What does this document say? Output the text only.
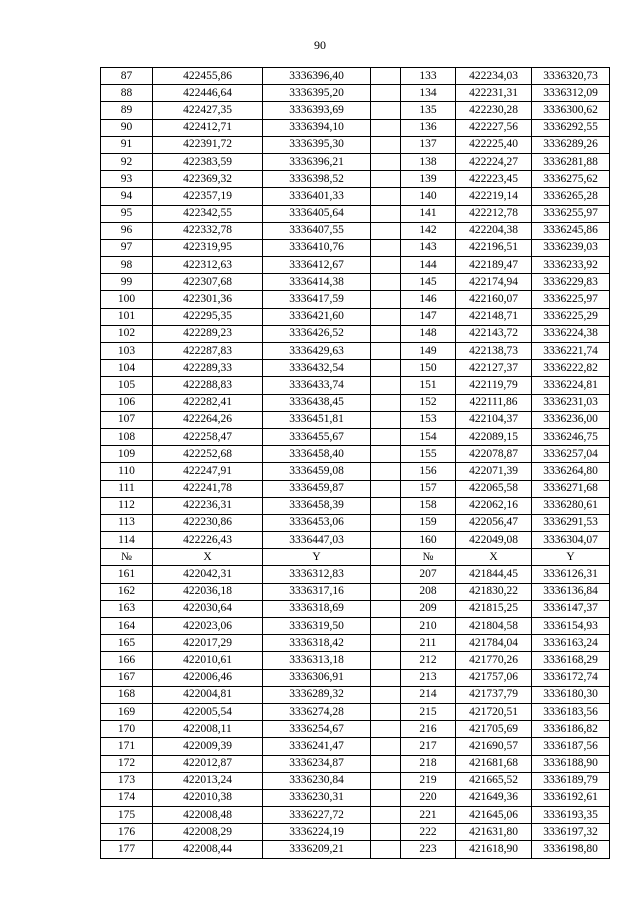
90
87	422455,86	3336396,40		133	422234,03	3336320,73
88	422446,64	3336395,20		134	422231,31	3336312,09
89	422427,35	3336393,69		135	422230,28	3336300,62
90	422412,71	3336394,10		136	422227,56	3336292,55
91	422391,72	3336395,30		137	422225,40	3336289,26
92	422383,59	3336396,21		138	422224,27	3336281,88
93	422369,32	3336398,52		139	422223,45	3336275,62
94	422357,19	3336401,33		140	422219,14	3336265,28
95	422342,55	3336405,64		141	422212,78	3336255,97
96	422332,78	3336407,55		142	422204,38	3336245,86
97	422319,95	3336410,76		143	422196,51	3336239,03
98	422312,63	3336412,67		144	422189,47	3336233,92
99	422307,68	3336414,38		145	422174,94	3336229,83
100	422301,36	3336417,59		146	422160,07	3336225,97
101	422295,35	3336421,60		147	422148,71	3336225,29
102	422289,23	3336426,52		148	422143,72	3336224,38
103	422287,83	3336429,63		149	422138,73	3336221,74
104	422289,33	3336432,54		150	422127,37	3336222,82
105	422288,83	3336433,74		151	422119,79	3336224,81
106	422282,41	3336438,45		152	422111,86	3336231,03
107	422264,26	3336451,81		153	422104,37	3336236,00
108	422258,47	3336455,67		154	422089,15	3336246,75
109	422252,68	3336458,40		155	422078,87	3336257,04
110	422247,91	3336459,08		156	422071,39	3336264,80
111	422241,78	3336459,87		157	422065,58	3336271,68
112	422236,31	3336458,39		158	422062,16	3336280,61
113	422230,86	3336453,06		159	422056,47	3336291,53
114	422226,43	3336447,03		160	422049,08	3336304,07
№	X	Y		№	X	Y
161	422042,31	3336312,83		207	421844,45	3336126,31
162	422036,18	3336317,16		208	421830,22	3336136,84
163	422030,64	3336318,69		209	421815,25	3336147,37
164	422023,06	3336319,50		210	421804,58	3336154,93
165	422017,29	3336318,42		211	421784,04	3336163,24
166	422010,61	3336313,18		212	421770,26	3336168,29
167	422006,46	3336306,91		213	421757,06	3336172,74
168	422004,81	3336289,32		214	421737,79	3336180,30
169	422005,54	3336274,28		215	421720,51	3336183,56
170	422008,11	3336254,67		216	421705,69	3336186,82
171	422009,39	3336241,47		217	421690,57	3336187,56
172	422012,87	3336234,87		218	421681,68	3336188,90
173	422013,24	3336230,84		219	421665,52	3336189,79
174	422010,38	3336230,31		220	421649,36	3336192,61
175	422008,48	3336227,72		221	421645,06	3336193,35
176	422008,29	3336224,19		222	421631,80	3336197,32
177	422008,44	3336209,21		223	421618,90	3336198,80
